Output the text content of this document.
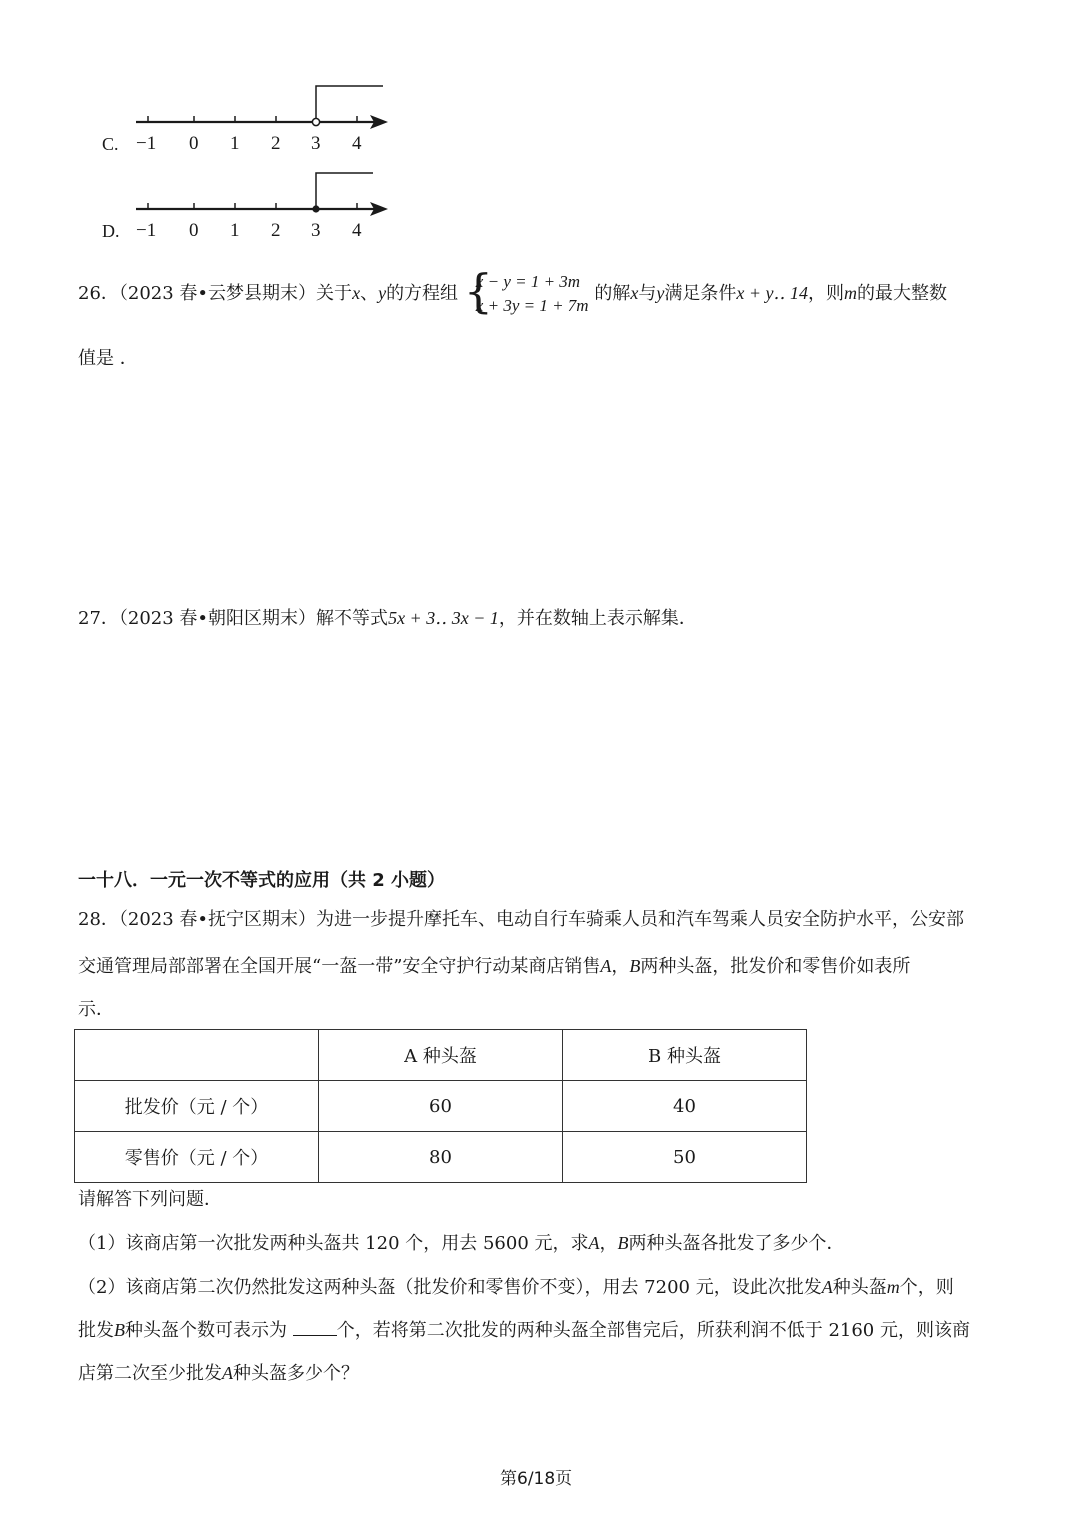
−1 0 1 2 3 4
C.
−1 0 1 2 3 4
D.
26．（2023 春•云梦县期末）关于x、y的方程组 {
x − y = 1 + 3m
x + 3y = 1 + 7m
的解x与y满足条件x + y‥ 14，则m的最大整数
值是 ．
27．（2023 春•朝阳区期末）解不等式5x + 3‥ 3x − 1，并在数轴上表示解集．
一十八．一元一次不等式的应用（共 2 小题）
28．（2023 春•抚宁区期末）为进一步提升摩托车、电动自行车骑乘人员和汽车驾乘人员安全防护水平，公安部
交通管理局部部署在全国开展“一盔一带”安全守护行动某商店销售A，B两种头盔，批发价和零售价如表所
示．
	A 种头盔	B 种头盔
批发价（元 / 个）	60	40
零售价（元 / 个）	80	50
请解答下列问题．
（1）该商店第一次批发两种头盔共 120 个，用去 5600 元，求A，B两种头盔各批发了多少个．
（2）该商店第二次仍然批发这两种头盔（批发价和零售价不变），用去 7200 元，设此次批发A种头盔m个，则
批发B种头盔个数可表示为	个，若将第二次批发的两种头盔全部售完后，所获利润不低于 2160 元，则该商
店第二次至少批发A种头盔多少个？
第6/18页
